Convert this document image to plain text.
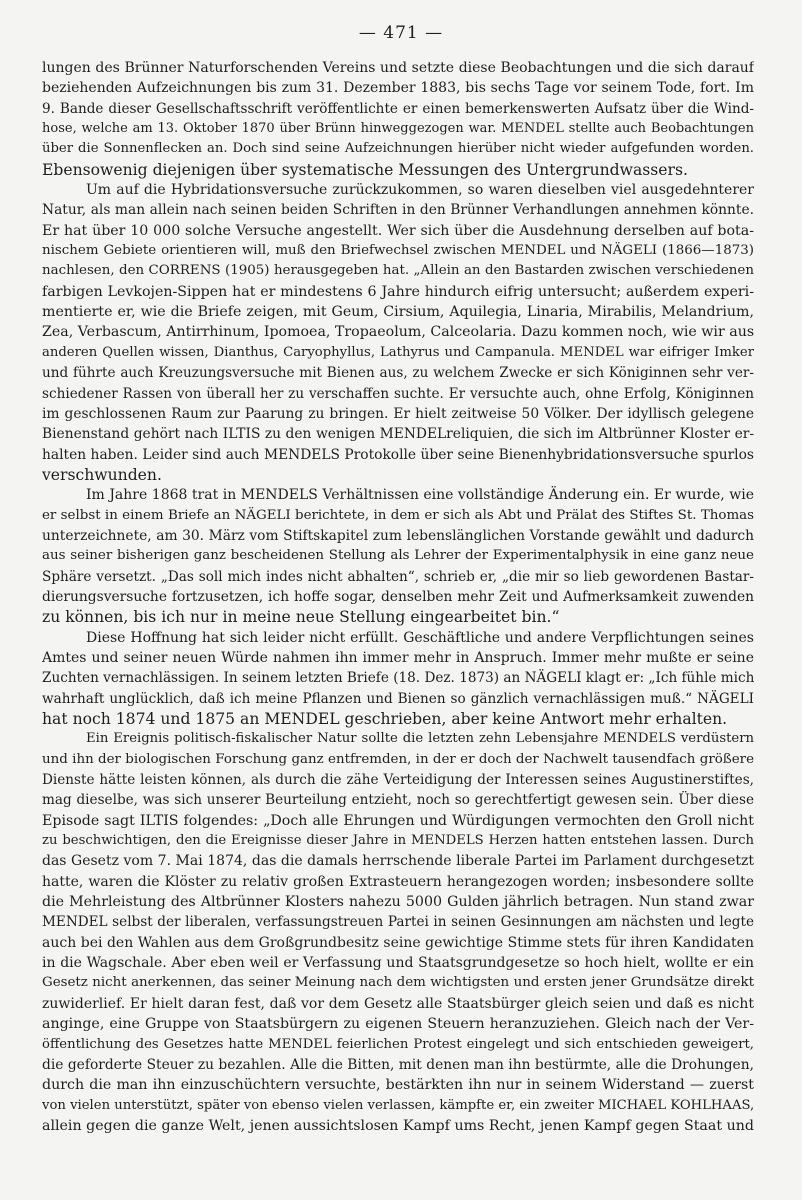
— 471 —
lungen des Brünner Naturforschenden Vereins und setzte diese Beobachtungen und die sich darauf
beziehenden Aufzeichnungen bis zum 31. Dezember 1883, bis sechs Tage vor seinem Tode, fort. Im
9. Bande dieser Gesellschaftsschrift veröffentlichte er einen bemerkenswerten Aufsatz über die Wind-
hose, welche am 13. Oktober 1870 über Brünn hinweggezogen war. MENDEL stellte auch Beobachtungen
über die Sonnenflecken an. Doch sind seine Aufzeichnungen hierüber nicht wieder aufgefunden worden.
Ebensowenig diejenigen über systematische Messungen des Untergrundwassers.
Um auf die Hybridationsversuche zurückzukommen, so waren dieselben viel ausgedehnterer
Natur, als man allein nach seinen beiden Schriften in den Brünner Verhandlungen annehmen könnte.
Er hat über 10 000 solche Versuche angestellt. Wer sich über die Ausdehnung derselben auf bota-
nischem Gebiete orientieren will, muß den Briefwechsel zwischen MENDEL und NÄGELI (1866—1873)
nachlesen, den CORRENS (1905) herausgegeben hat. „Allein an den Bastarden zwischen verschiedenen
farbigen Levkojen-Sippen hat er mindestens 6 Jahre hindurch eifrig untersucht; außerdem experi-
mentierte er, wie die Briefe zeigen, mit Geum, Cirsium, Aquilegia, Linaria, Mirabilis, Melandrium,
Zea, Verbascum, Antirrhinum, Ipomoea, Tropaeolum, Calceolaria. Dazu kommen noch, wie wir aus
anderen Quellen wissen, Dianthus, Caryophyllus, Lathyrus und Campanula. MENDEL war eifriger Imker
und führte auch Kreuzungsversuche mit Bienen aus, zu welchem Zwecke er sich Königinnen sehr ver-
schiedener Rassen von überall her zu verschaffen suchte. Er versuchte auch, ohne Erfolg, Königinnen
im geschlossenen Raum zur Paarung zu bringen. Er hielt zeitweise 50 Völker. Der idyllisch gelegene
Bienenstand gehört nach ILTIS zu den wenigen MENDELreliquien, die sich im Altbrünner Kloster er-
halten haben. Leider sind auch MENDELS Protokolle über seine Bienenhybridationsversuche spurlos
verschwunden.
Im Jahre 1868 trat in MENDELS Verhältnissen eine vollständige Änderung ein. Er wurde, wie
er selbst in einem Briefe an NÄGELI berichtete, in dem er sich als Abt und Prälat des Stiftes St. Thomas
unterzeichnete, am 30. März vom Stiftskapitel zum lebenslänglichen Vorstande gewählt und dadurch
aus seiner bisherigen ganz bescheidenen Stellung als Lehrer der Experimentalphysik in eine ganz neue
Sphäre versetzt. „Das soll mich indes nicht abhalten“, schrieb er, „die mir so lieb gewordenen Bastar-
dierungsversuche fortzusetzen, ich hoffe sogar, denselben mehr Zeit und Aufmerksamkeit zuwenden
zu können, bis ich nur in meine neue Stellung eingearbeitet bin.“
Diese Hoffnung hat sich leider nicht erfüllt. Geschäftliche und andere Verpflichtungen seines
Amtes und seiner neuen Würde nahmen ihn immer mehr in Anspruch. Immer mehr mußte er seine
Zuchten vernachlässigen. In seinem letzten Briefe (18. Dez. 1873) an NÄGELI klagt er: „Ich fühle mich
wahrhaft unglücklich, daß ich meine Pflanzen und Bienen so gänzlich vernachlässigen muß.“ NÄGELI
hat noch 1874 und 1875 an MENDEL geschrieben, aber keine Antwort mehr erhalten.
Ein Ereignis politisch-fiskalischer Natur sollte die letzten zehn Lebensjahre MENDELS verdüstern
und ihn der biologischen Forschung ganz entfremden, in der er doch der Nachwelt tausendfach größere
Dienste hätte leisten können, als durch die zähe Verteidigung der Interessen seines Augustinerstiftes,
mag dieselbe, was sich unserer Beurteilung entzieht, noch so gerechtfertigt gewesen sein. Über diese
Episode sagt ILTIS folgendes: „Doch alle Ehrungen und Würdigungen vermochten den Groll nicht
zu beschwichtigen, den die Ereignisse dieser Jahre in MENDELS Herzen hatten entstehen lassen. Durch
das Gesetz vom 7. Mai 1874, das die damals herrschende liberale Partei im Parlament durchgesetzt
hatte, waren die Klöster zu relativ großen Extrasteuern herangezogen worden; insbesondere sollte
die Mehrleistung des Altbrünner Klosters nahezu 5000 Gulden jährlich betragen. Nun stand zwar
MENDEL selbst der liberalen, verfassungstreuen Partei in seinen Gesinnungen am nächsten und legte
auch bei den Wahlen aus dem Großgrundbesitz seine gewichtige Stimme stets für ihren Kandidaten
in die Wagschale. Aber eben weil er Verfassung und Staatsgrundgesetze so hoch hielt, wollte er ein
Gesetz nicht anerkennen, das seiner Meinung nach dem wichtigsten und ersten jener Grundsätze direkt
zuwiderlief. Er hielt daran fest, daß vor dem Gesetz alle Staatsbürger gleich seien und daß es nicht
anginge, eine Gruppe von Staatsbürgern zu eigenen Steuern heranzuziehen. Gleich nach der Ver-
öffentlichung des Gesetzes hatte MENDEL feierlichen Protest eingelegt und sich entschieden geweigert,
die geforderte Steuer zu bezahlen. Alle die Bitten, mit denen man ihn bestürmte, alle die Drohungen,
durch die man ihn einzuschüchtern versuchte, bestärkten ihn nur in seinem Widerstand — zuerst
von vielen unterstützt, später von ebenso vielen verlassen, kämpfte er, ein zweiter MICHAEL KOHLHAAS,
allein gegen die ganze Welt, jenen aussichtslosen Kampf ums Recht, jenen Kampf gegen Staat und
